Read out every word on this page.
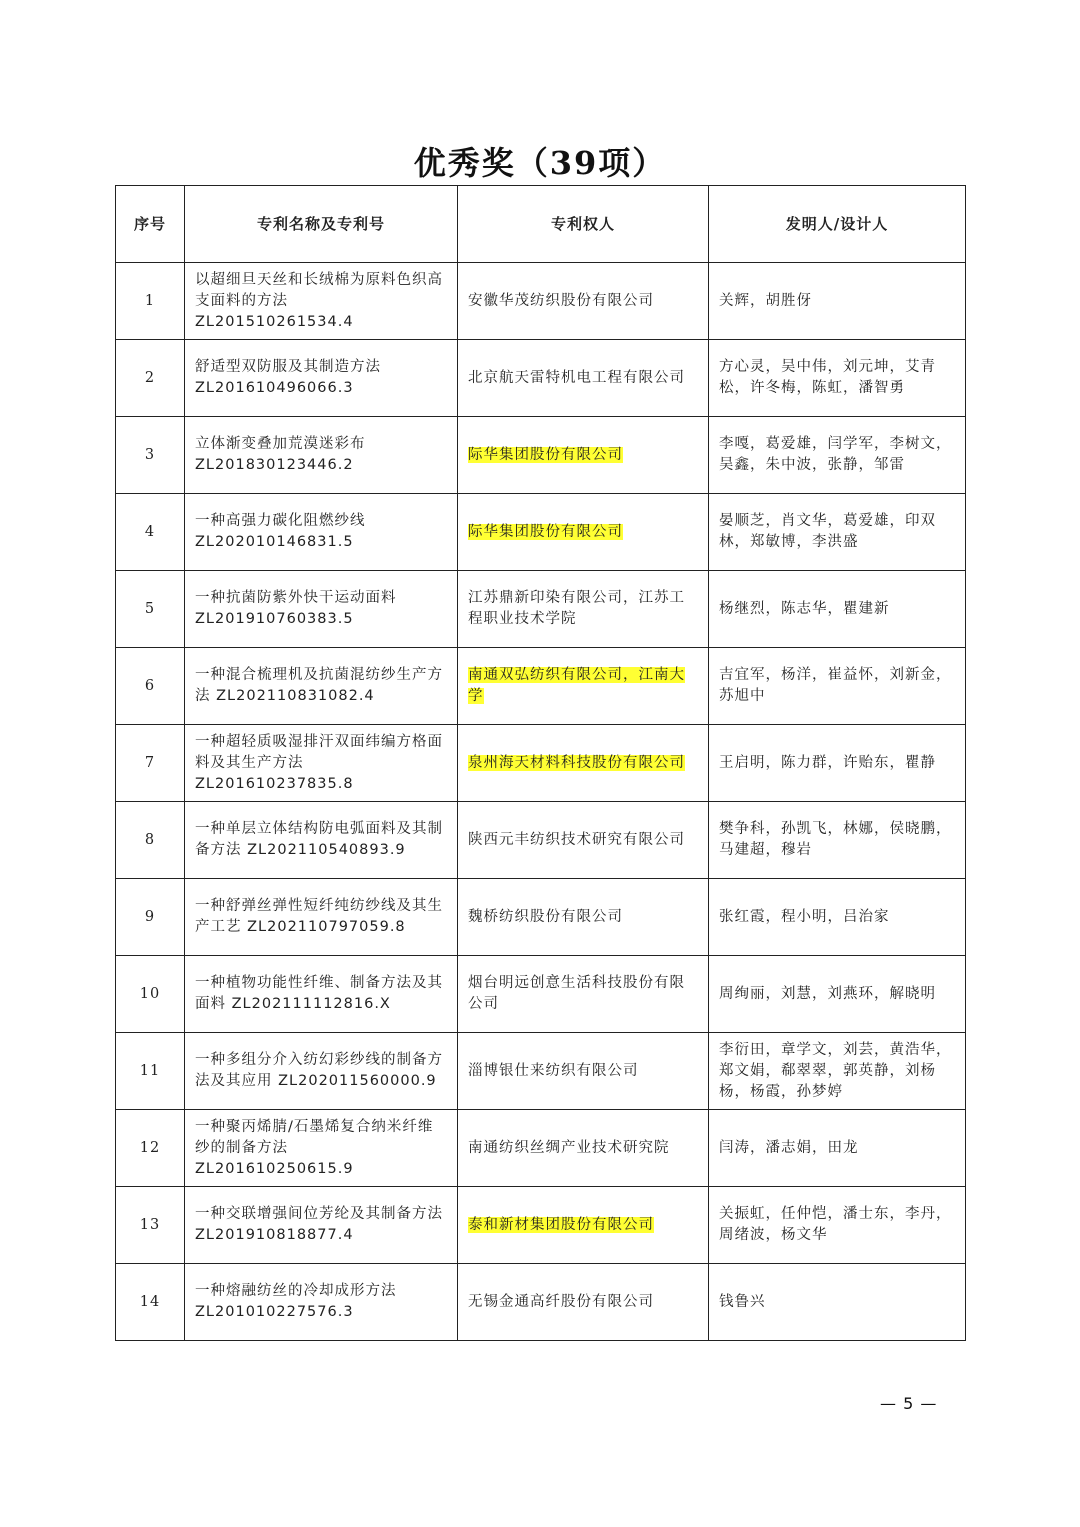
优秀奖（39项）
序号	专利名称及专利号	专利权人	发明人/设计人
1	以超细旦天丝和长绒棉为原料色织高支面料的方法 ZL201510261534.4	安徽华茂纺织股份有限公司	关辉，胡胜伢
2	舒适型双防服及其制造方法 ZL201610496066.3	北京航天雷特机电工程有限公司	方心灵，吴中伟，刘元坤，艾青松，许冬梅，陈虹，潘智勇
3	立体渐变叠加荒漠迷彩布 ZL201830123446.2	际华集团股份有限公司	李嘎，葛爱雄，闫学军，李树文，吴鑫，朱中波，张静，邹雷
4	一种高强力碳化阻燃纱线 ZL202010146831.5	际华集团股份有限公司	晏顺芝，肖文华，葛爱雄，印双林，郑敏博，李洪盛
5	一种抗菌防紫外快干运动面料 ZL201910760383.5	江苏鼎新印染有限公司，江苏工程职业技术学院	杨继烈，陈志华，瞿建新
6	一种混合梳理机及抗菌混纺纱生产方法 ZL202110831082.4	南通双弘纺织有限公司，江南大学	吉宜军，杨洋，崔益怀，刘新金，苏旭中
7	一种超轻质吸湿排汗双面纬编方格面料及其生产方法 ZL201610237835.8	泉州海天材料科技股份有限公司	王启明，陈力群，许贻东，瞿静
8	一种单层立体结构防电弧面料及其制备方法 ZL202110540893.9	陕西元丰纺织技术研究有限公司	樊争科，孙凯飞，林娜，侯晓鹏，马建超，穆岩
9	一种舒弹丝弹性短纤纯纺纱线及其生产工艺 ZL202110797059.8	魏桥纺织股份有限公司	张红霞，程小明，吕治家
10	一种植物功能性纤维、制备方法及其面料 ZL202111112816.X	烟台明远创意生活科技股份有限公司	周绚丽，刘慧，刘燕环，解晓明
11	一种多组分介入纺幻彩纱线的制备方法及其应用 ZL202011560000.9	淄博银仕来纺织有限公司	李衍田，章学文，刘芸，黄浩华，郑文娟，郗翠翠，郭英静，刘杨杨，杨霞，孙梦婷
12	一种聚丙烯腈/石墨烯复合纳米纤维纱的制备方法 ZL201610250615.9	南通纺织丝绸产业技术研究院	闫涛，潘志娟，田龙
13	一种交联增强间位芳纶及其制备方法 ZL201910818877.4	泰和新材集团股份有限公司	关振虹，任仲恺，潘士东，李丹，周绪波，杨文华
14	一种熔融纺丝的冷却成形方法 ZL201010227576.3	无锡金通高纤股份有限公司	钱鲁兴
— 5 —
